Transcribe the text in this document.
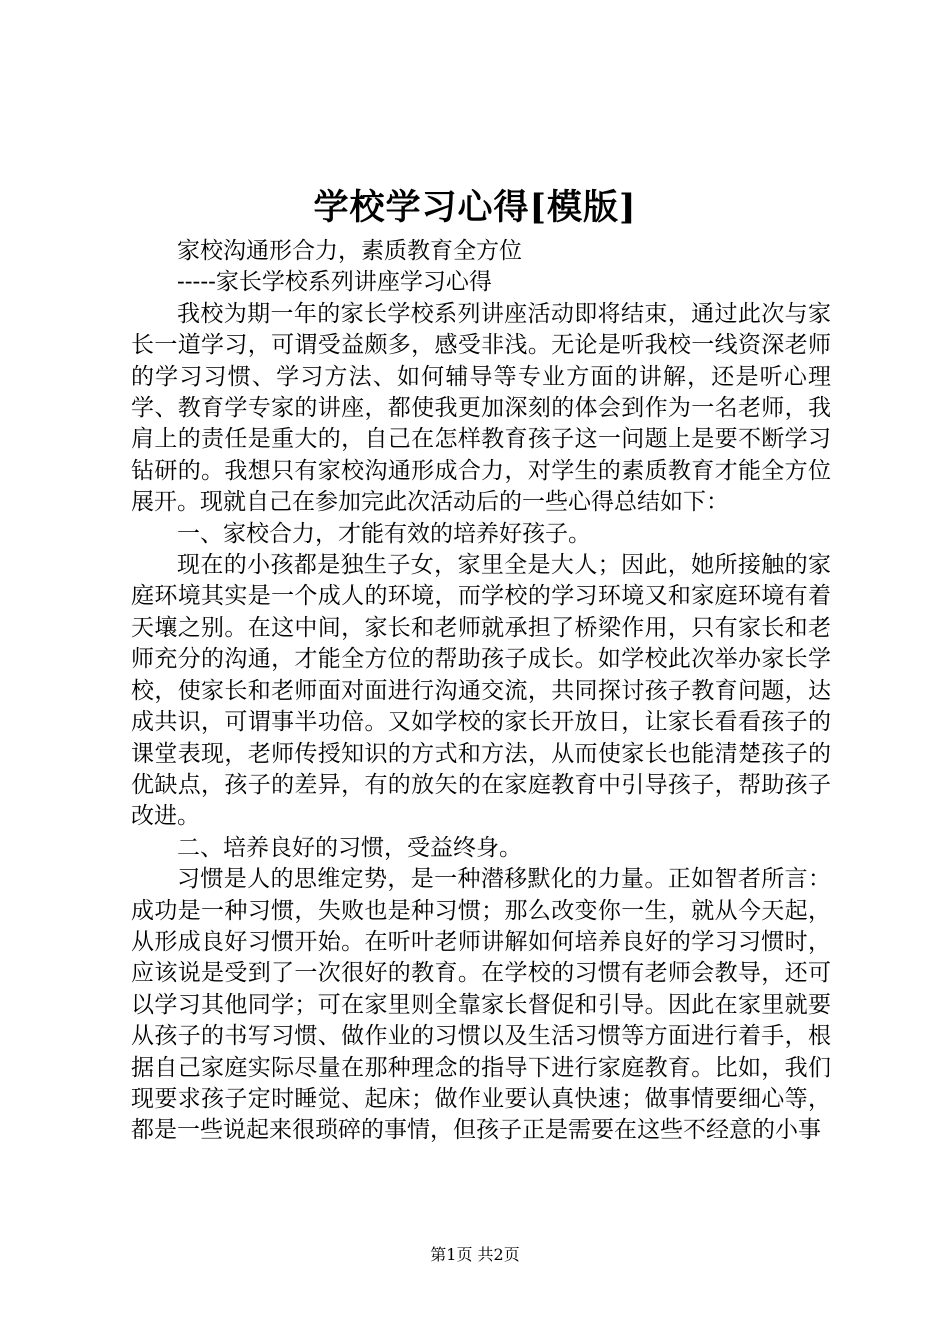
学校学习心得[模版]

家校沟通形合力，素质教育全方位

-----家长学校系列讲座学习心得

我校为期一年的家长学校系列讲座活动即将结束，通过此次与家长一道学习，可谓受益颇多，感受非浅。无论是听我校一线资深老师的学习习惯、学习方法、如何辅导等专业方面的讲解，还是听心理学、教育学专家的讲座，都使我更加深刻的体会到作为一名老师，我肩上的责任是重大的，自己在怎样教育孩子这一问题上是要不断学习钻研的。我想只有家校沟通形成合力，对学生的素质教育才能全方位展开。现就自己在参加完此次活动后的一些心得总结如下：

一、家校合力，才能有效的培养好孩子。

现在的小孩都是独生子女，家里全是大人；因此，她所接触的家庭环境其实是一个成人的环境，而学校的学习环境又和家庭环境有着天壤之别。在这中间，家长和老师就承担了桥梁作用，只有家长和老师充分的沟通，才能全方位的帮助孩子成长。如学校此次举办家长学校，使家长和老师面对面进行沟通交流，共同探讨孩子教育问题，达成共识，可谓事半功倍。又如学校的家长开放日，让家长看看孩子的课堂表现，老师传授知识的方式和方法，从而使家长也能清楚孩子的优缺点，孩子的差异，有的放矢的在家庭教育中引导孩子，帮助孩子改进。

二、培养良好的习惯，受益终身。

习惯是人的思维定势，是一种潜移默化的力量。正如智者所言：成功是一种习惯，失败也是种习惯；那么改变你一生，就从今天起，从形成良好习惯开始。在听叶老师讲解如何培养良好的学习习惯时，应该说是受到了一次很好的教育。在学校的习惯有老师会教导，还可以学习其他同学；可在家里则全靠家长督促和引导。因此在家里就要从孩子的书写习惯、做作业的习惯以及生活习惯等方面进行着手，根据自己家庭实际尽量在那种理念的指导下进行家庭教育。比如，我们现要求孩子定时睡觉、起床；做作业要认真快速；做事情要细心等，都是一些说起来很琐碎的事情，但孩子正是需要在这些不经意的小事

第1页 共2页
